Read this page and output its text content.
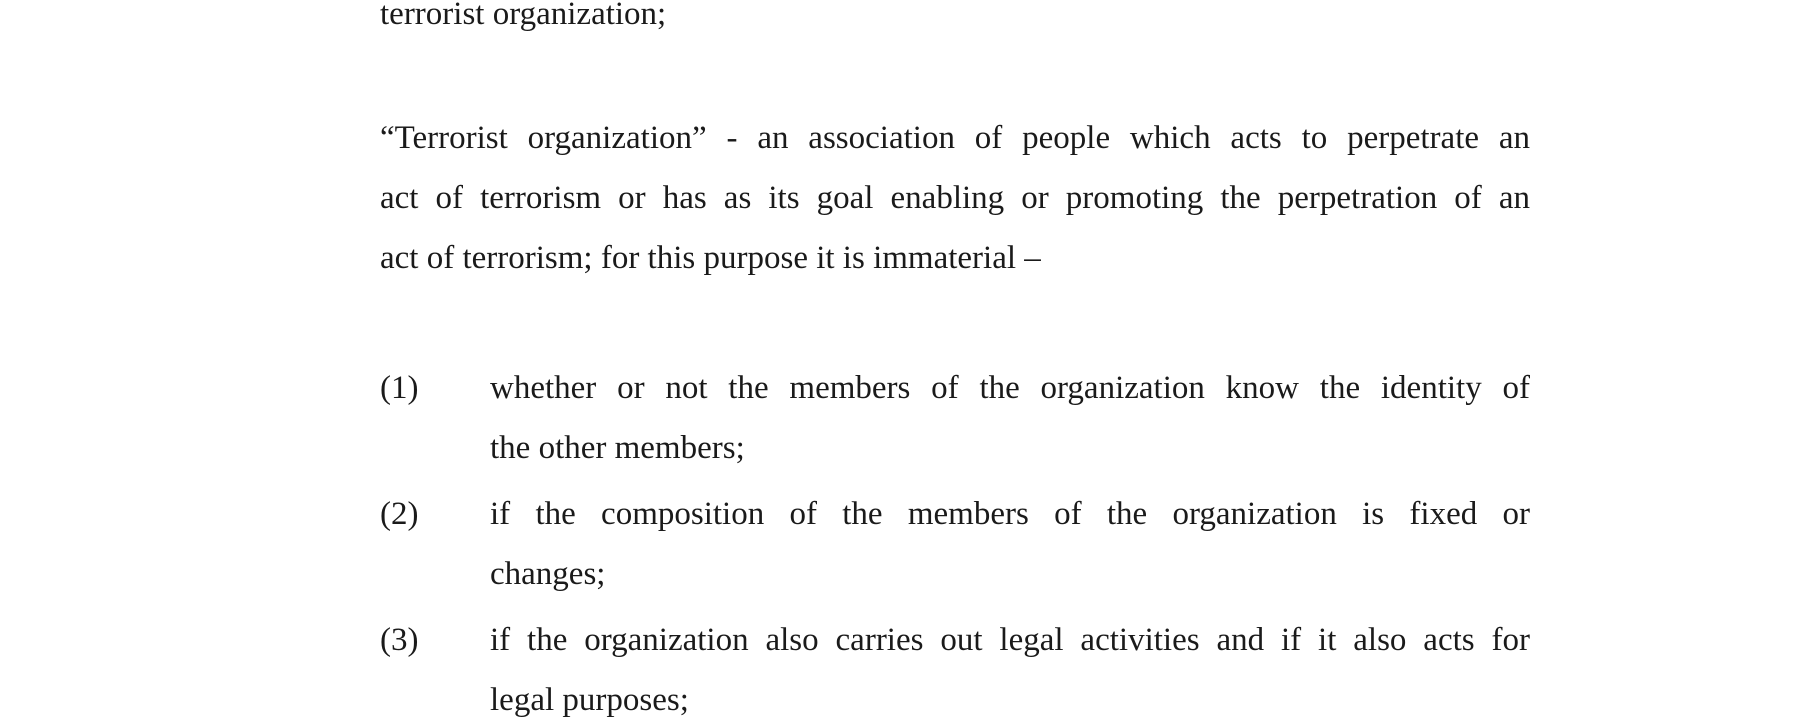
terrorist organization;
“Terrorist organization” - an association of people which acts to perpetrate an
act of terrorism or has as its goal enabling or promoting the perpetration of an
act of terrorism; for this purpose it is immaterial –
(1) whether or not the members of the organization know the identity of
the other members;
(2) if the composition of the members of the organization is fixed or
changes;
(3) if the organization also carries out legal activities and if it also acts for
legal purposes;
